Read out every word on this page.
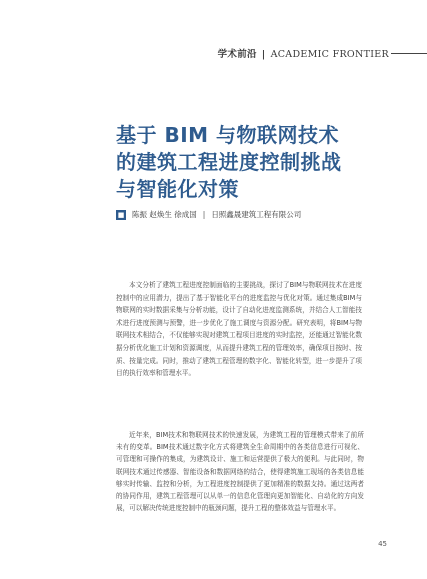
学术前沿 | ACADEMIC FRONTIER
基于 BIM 与物联网技术的建筑工程进度控制挑战与智能化对策
■ 陈振 赵焕生 徐成国 | 日照鑫晟建筑工程有限公司
本文分析了建筑工程进度控制面临的主要挑战，探讨了BIM与物联网技术在进度控制中的应用潜力，提出了基于智能化平台的进度监控与优化对策。通过集成BIM与物联网的实时数据采集与分析功能，设计了自动化进度监测系统，并结合人工智能技术进行进度预测与预警，进一步优化了施工调度与资源分配。研究表明，将BIM与物联网技术相结合，不仅能够实现对建筑工程项目进度的实时监控，还能通过智能化数据分析优化施工计划和资源调度，从而提升建筑工程的管理效率，确保项目按时、按质、按量完成。同时，推动了建筑工程管理的数字化、智能化转型，进一步提升了项目的执行效率和管理水平。
近年来，BIM技术和物联网技术的快速发展，为建筑工程的管理模式带来了前所未有的变革。BIM技术通过数字化方式将建筑全生命周期中的各类信息进行可视化、可管理和可操作的集成，为建筑设计、施工和运营提供了极大的便利。与此同时，物联网技术通过传感器、智能设备和数据网络的结合，使得建筑施工现场的各类信息能够实时传输、监控和分析，为工程进度控制提供了更加精准的数据支持。通过这两者的协同作用，建筑工程管理可以从单一的信息化管理向更加智能化、自动化的方向发展，可以解决传统进度控制中的瓶颈问题，提升工程的整体效益与管理水平。
45
